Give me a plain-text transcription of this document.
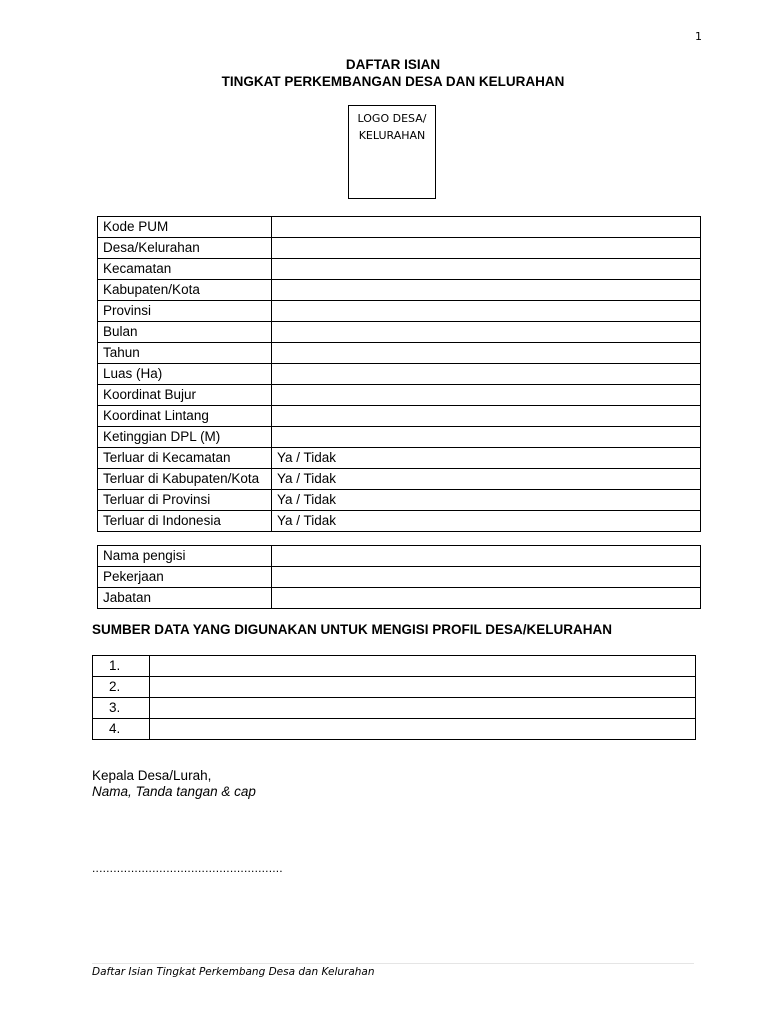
1
DAFTAR ISIAN
TINGKAT PERKEMBANGAN DESA DAN KELURAHAN
LOGO DESA/
KELURAHAN
Kode PUM	
Desa/Kelurahan	
Kecamatan	
Kabupaten/Kota	
Provinsi	
Bulan	
Tahun	
Luas (Ha)	
Koordinat Bujur	
Koordinat Lintang	
Ketinggian DPL (M)	
Terluar di Kecamatan	Ya / Tidak
Terluar di Kabupaten/Kota	Ya / Tidak
Terluar di Provinsi	Ya / Tidak
Terluar di Indonesia	Ya / Tidak
Nama pengisi	
Pekerjaan	
Jabatan	
SUMBER DATA YANG DIGUNAKAN UNTUK MENGISI PROFIL DESA/KELURAHAN
1.	
2.	
3.	
4.	
Kepala Desa/Lurah,
Nama, Tanda tangan & cap
......................................................
Daftar Isian Tingkat Perkembang Desa dan Kelurahan
